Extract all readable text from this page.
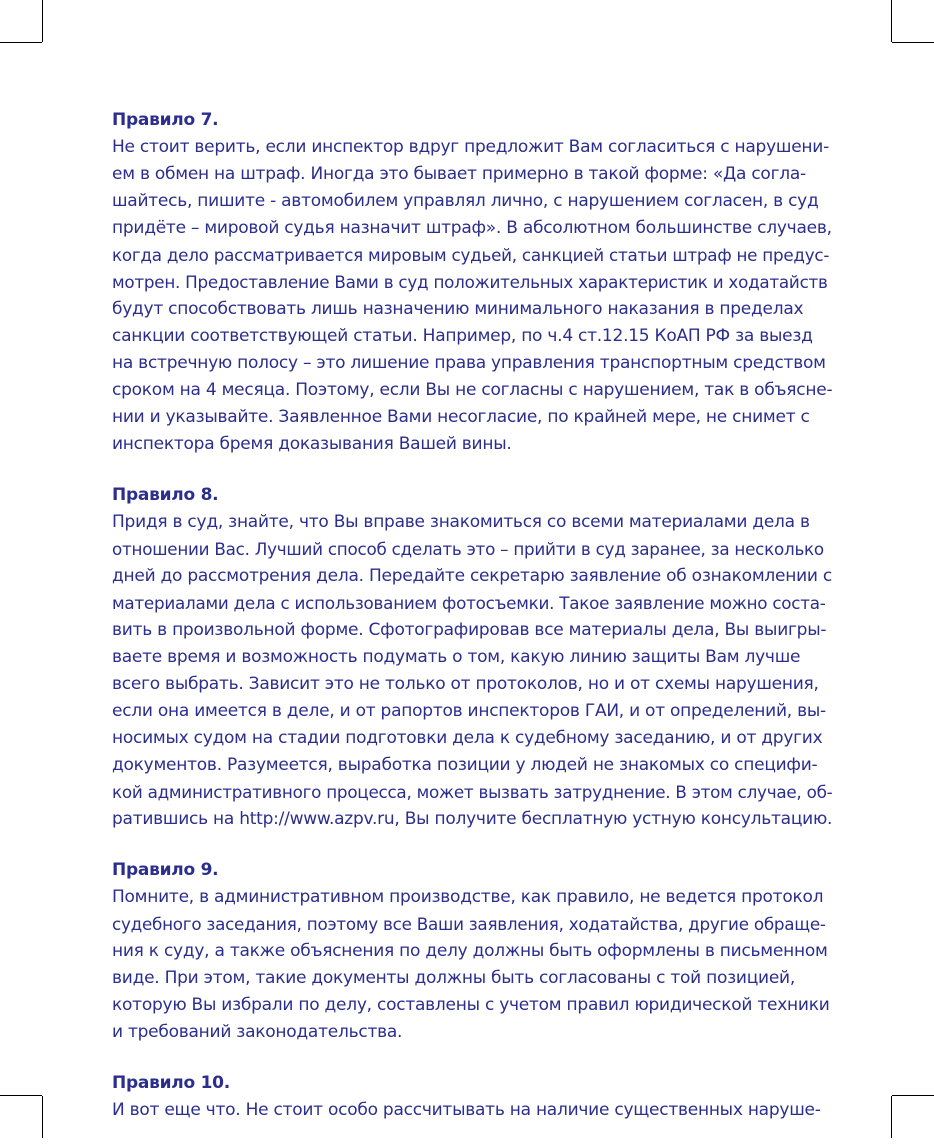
Правило 7.
Не стоит верить, если инспектор вдруг предложит Вам согласиться с нарушени-
ем в обмен на штраф. Иногда это бывает примерно в такой форме: «Да согла-
шайтесь, пишите - автомобилем управлял лично, с нарушением согласен, в суд
придёте – мировой судья назначит штраф». В абсолютном большинстве случаев,
когда дело рассматривается мировым судьей, санкцией статьи штраф не предус-
мотрен. Предоставление Вами в суд положительных характеристик и ходатайств
будут способствовать лишь назначению минимального наказания в пределах
санкции соответствующей статьи. Например, по ч.4 ст.12.15 КоАП РФ за выезд
на встречную полосу – это лишение права управления транспортным средством
сроком на 4 месяца. Поэтому, если Вы не согласны с нарушением, так в объясне-
нии и указывайте. Заявленное Вами несогласие, по крайней мере, не снимет с
инспектора бремя доказывания Вашей вины.
Правило 8.
Придя в суд, знайте, что Вы вправе знакомиться со всеми материалами дела в
отношении Вас. Лучший способ сделать это – прийти в суд заранее, за несколько
дней до рассмотрения дела. Передайте секретарю заявление об ознакомлении с
материалами дела с использованием фотосъемки. Такое заявление можно соста-
вить в произвольной форме. Сфотографировав все материалы дела, Вы выигры-
ваете время и возможность подумать о том, какую линию защиты Вам лучше
всего выбрать. Зависит это не только от протоколов, но и от схемы нарушения,
если она имеется в деле, и от рапортов инспекторов ГАИ, и от определений, вы-
носимых судом на стадии подготовки дела к судебному заседанию, и от других
документов. Разумеется, выработка позиции у людей не знакомых со специфи-
кой административного процесса, может вызвать затруднение. В этом случае, об-
ратившись на http://www.azpv.ru, Вы получите бесплатную устную консультацию.
Правило 9.
Помните, в административном производстве, как правило, не ведется протокол
судебного заседания, поэтому все Ваши заявления, ходатайства, другие обраще-
ния к суду, а также объяснения по делу должны быть оформлены в письменном
виде. При этом, такие документы должны быть согласованы с той позицией,
которую Вы избрали по делу, составлены с учетом правил юридической техники
и требований законодательства.
Правило 10.
И вот еще что. Не стоит особо рассчитывать на наличие существенных наруше-
